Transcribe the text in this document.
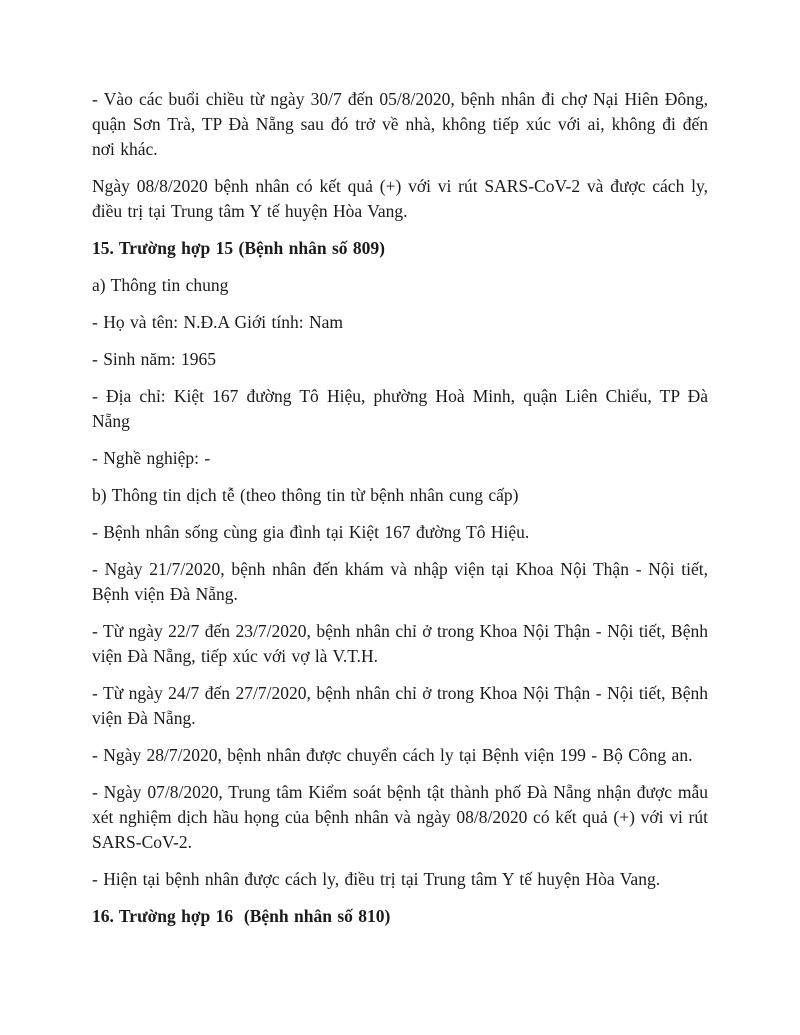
- Vào các buổi chiều từ ngày 30/7 đến 05/8/2020, bệnh nhân đi chợ Nại Hiên Đông, quận Sơn Trà, TP Đà Nẵng sau đó trở về nhà, không tiếp xúc với ai, không đi đến nơi khác.

Ngày 08/8/2020 bệnh nhân có kết quả (+) với vi rút SARS-CoV-2 và được cách ly, điều trị tại Trung tâm Y tế huyện Hòa Vang.

15. Trường hợp 15 (Bệnh nhân số 809)

a) Thông tin chung

- Họ và tên: N.Đ.A Giới tính: Nam

- Sinh năm: 1965

- Địa chỉ: Kiệt 167 đường Tô Hiệu, phường Hoà Minh, quận Liên Chiểu, TP Đà Nẵng

- Nghề nghiệp: -

b) Thông tin dịch tễ (theo thông tin từ bệnh nhân cung cấp)

- Bệnh nhân sống cùng gia đình tại Kiệt 167 đường Tô Hiệu.

- Ngày 21/7/2020, bệnh nhân đến khám và nhập viện tại Khoa Nội Thận - Nội tiết, Bệnh viện Đà Nẵng.

- Từ ngày 22/7 đến 23/7/2020, bệnh nhân chỉ ở trong Khoa Nội Thận - Nội tiết, Bệnh viện Đà Nẵng, tiếp xúc với vợ là V.T.H.

- Từ ngày 24/7 đến 27/7/2020, bệnh nhân chỉ ở trong Khoa Nội Thận - Nội tiết, Bệnh viện Đà Nẵng.

- Ngày 28/7/2020, bệnh nhân được chuyển cách ly tại Bệnh viện 199 - Bộ Công an.

- Ngày 07/8/2020, Trung tâm Kiểm soát bệnh tật thành phố Đà Nẵng nhận được mẫu xét nghiệm dịch hầu họng của bệnh nhân và ngày 08/8/2020 có kết quả (+) với vi rút SARS-CoV-2.

- Hiện tại bệnh nhân được cách ly, điều trị tại Trung tâm Y tế huyện Hòa Vang.

16. Trường hợp 16  (Bệnh nhân số 810)
